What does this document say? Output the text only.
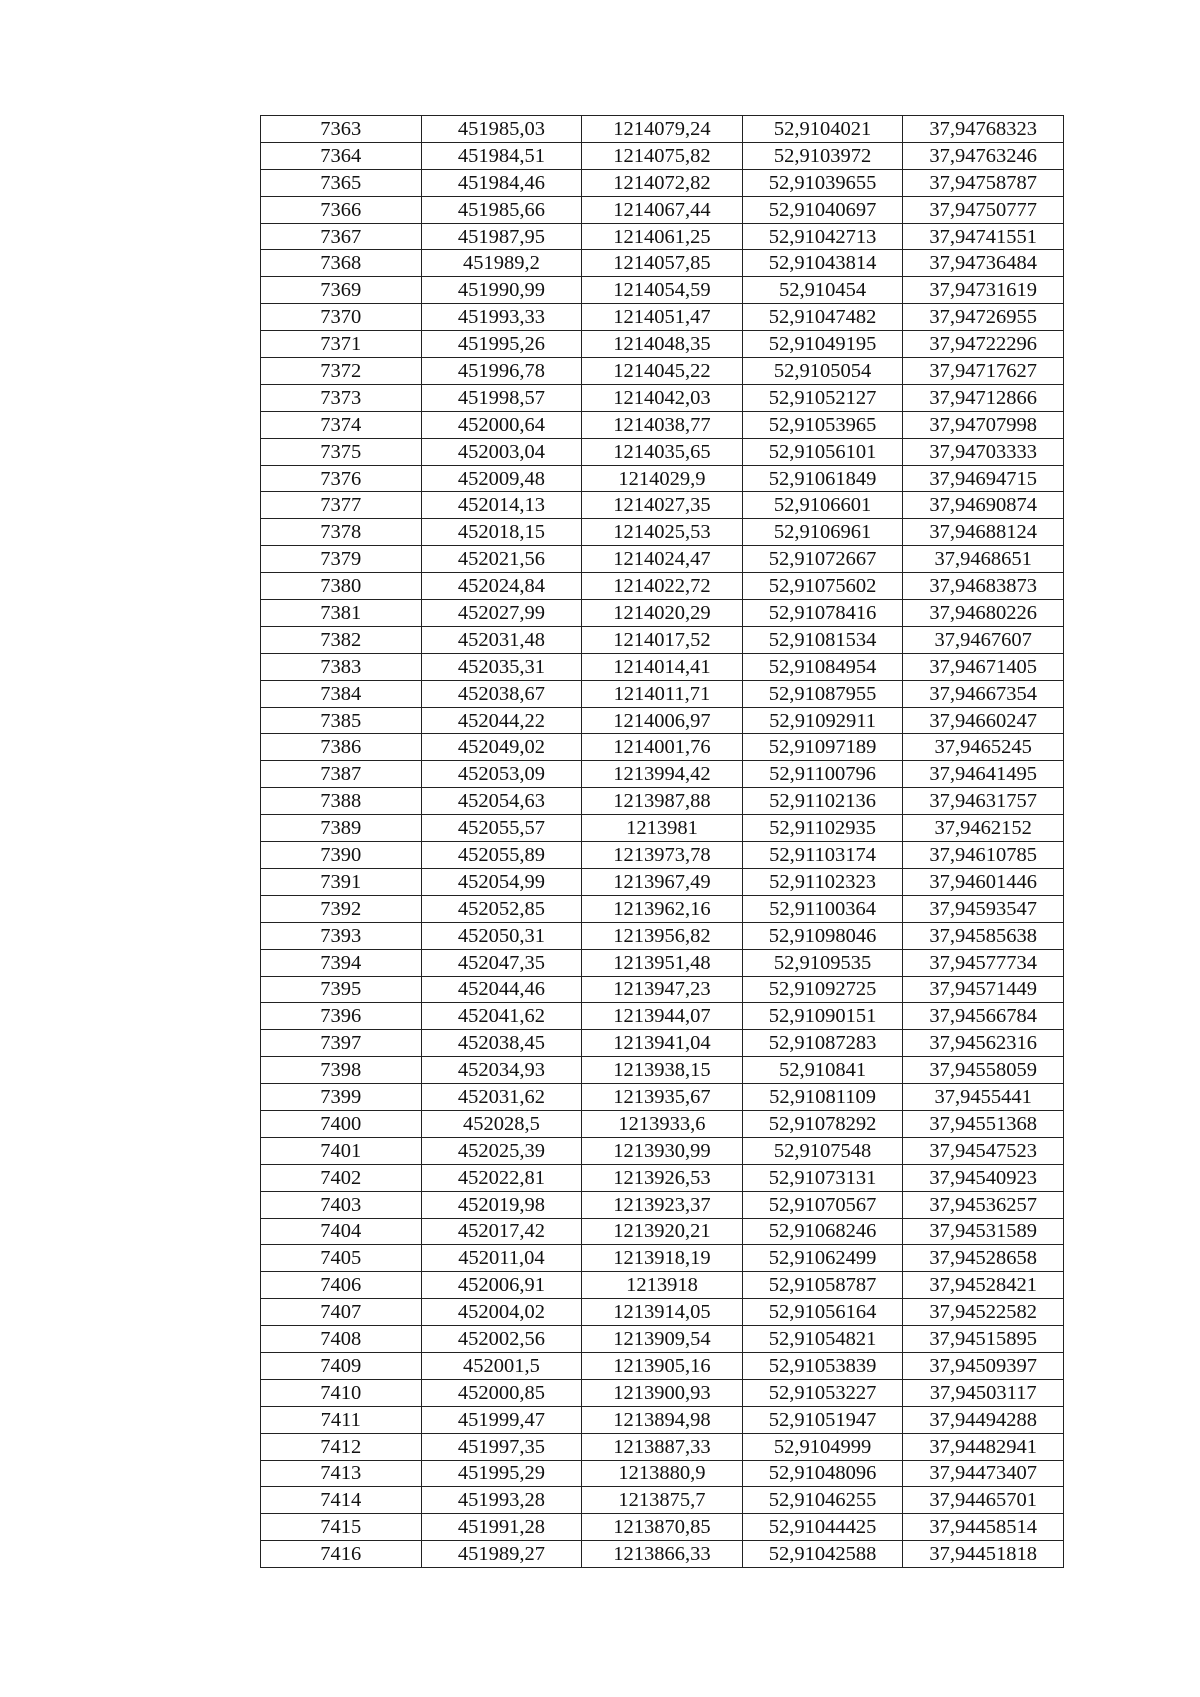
7363	451985,03	1214079,24	52,9104021	37,94768323
7364	451984,51	1214075,82	52,9103972	37,94763246
7365	451984,46	1214072,82	52,91039655	37,94758787
7366	451985,66	1214067,44	52,91040697	37,94750777
7367	451987,95	1214061,25	52,91042713	37,94741551
7368	451989,2	1214057,85	52,91043814	37,94736484
7369	451990,99	1214054,59	52,910454	37,94731619
7370	451993,33	1214051,47	52,91047482	37,94726955
7371	451995,26	1214048,35	52,91049195	37,94722296
7372	451996,78	1214045,22	52,9105054	37,94717627
7373	451998,57	1214042,03	52,91052127	37,94712866
7374	452000,64	1214038,77	52,91053965	37,94707998
7375	452003,04	1214035,65	52,91056101	37,94703333
7376	452009,48	1214029,9	52,91061849	37,94694715
7377	452014,13	1214027,35	52,9106601	37,94690874
7378	452018,15	1214025,53	52,9106961	37,94688124
7379	452021,56	1214024,47	52,91072667	37,9468651
7380	452024,84	1214022,72	52,91075602	37,94683873
7381	452027,99	1214020,29	52,91078416	37,94680226
7382	452031,48	1214017,52	52,91081534	37,9467607
7383	452035,31	1214014,41	52,91084954	37,94671405
7384	452038,67	1214011,71	52,91087955	37,94667354
7385	452044,22	1214006,97	52,91092911	37,94660247
7386	452049,02	1214001,76	52,91097189	37,9465245
7387	452053,09	1213994,42	52,91100796	37,94641495
7388	452054,63	1213987,88	52,91102136	37,94631757
7389	452055,57	1213981	52,91102935	37,9462152
7390	452055,89	1213973,78	52,91103174	37,94610785
7391	452054,99	1213967,49	52,91102323	37,94601446
7392	452052,85	1213962,16	52,91100364	37,94593547
7393	452050,31	1213956,82	52,91098046	37,94585638
7394	452047,35	1213951,48	52,9109535	37,94577734
7395	452044,46	1213947,23	52,91092725	37,94571449
7396	452041,62	1213944,07	52,91090151	37,94566784
7397	452038,45	1213941,04	52,91087283	37,94562316
7398	452034,93	1213938,15	52,910841	37,94558059
7399	452031,62	1213935,67	52,91081109	37,9455441
7400	452028,5	1213933,6	52,91078292	37,94551368
7401	452025,39	1213930,99	52,9107548	37,94547523
7402	452022,81	1213926,53	52,91073131	37,94540923
7403	452019,98	1213923,37	52,91070567	37,94536257
7404	452017,42	1213920,21	52,91068246	37,94531589
7405	452011,04	1213918,19	52,91062499	37,94528658
7406	452006,91	1213918	52,91058787	37,94528421
7407	452004,02	1213914,05	52,91056164	37,94522582
7408	452002,56	1213909,54	52,91054821	37,94515895
7409	452001,5	1213905,16	52,91053839	37,94509397
7410	452000,85	1213900,93	52,91053227	37,94503117
7411	451999,47	1213894,98	52,91051947	37,94494288
7412	451997,35	1213887,33	52,9104999	37,94482941
7413	451995,29	1213880,9	52,91048096	37,94473407
7414	451993,28	1213875,7	52,91046255	37,94465701
7415	451991,28	1213870,85	52,91044425	37,94458514
7416	451989,27	1213866,33	52,91042588	37,94451818
